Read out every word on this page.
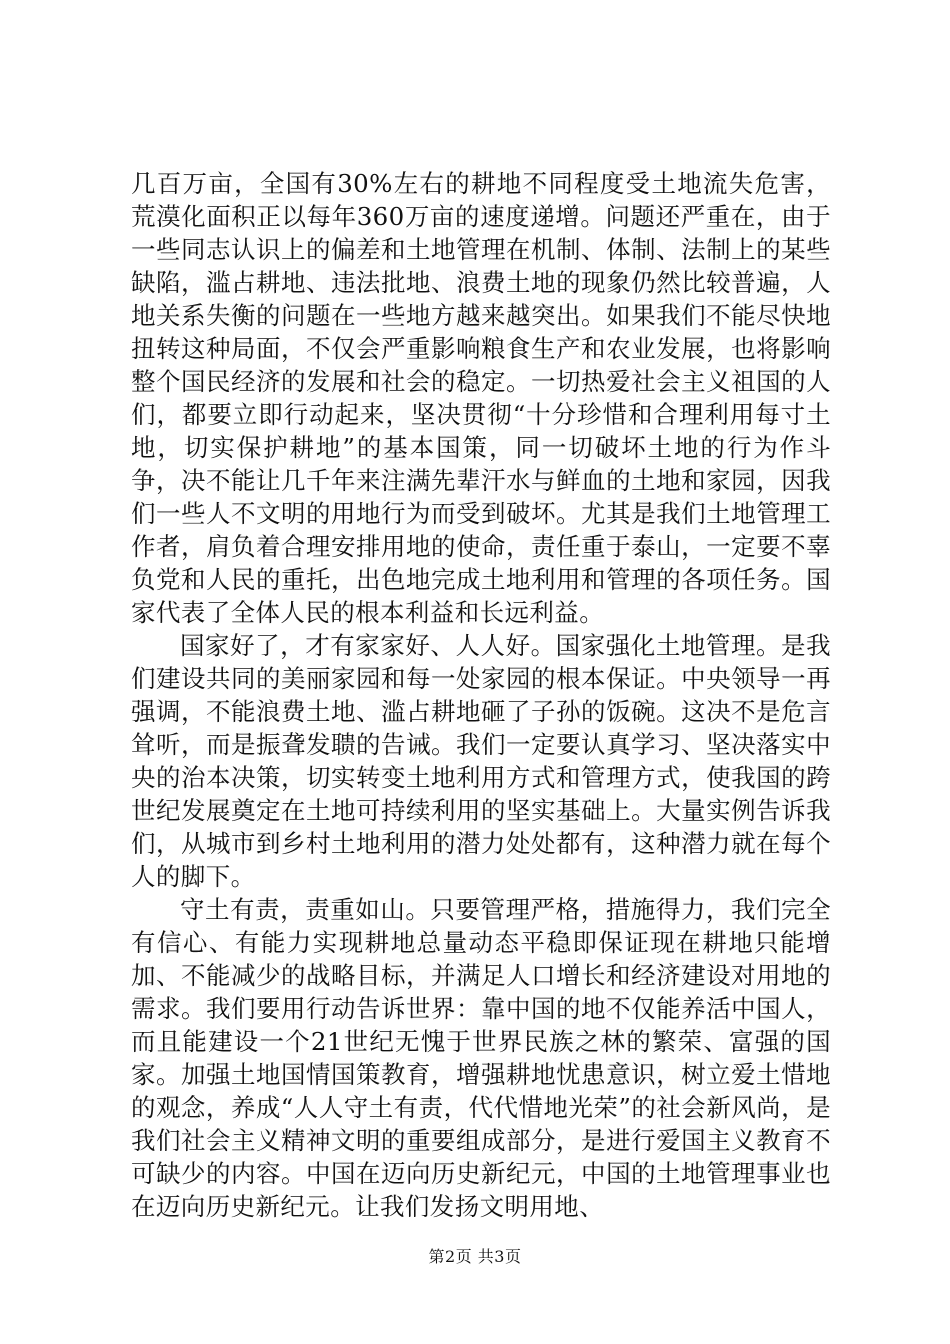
几百万亩，全国有30%左右的耕地不同程度受土地流失危害，荒漠化面积正以每年360万亩的速度递增。问题还严重在，由于一些同志认识上的偏差和土地管理在机制、体制、法制上的某些缺陷，滥占耕地、违法批地、浪费土地的现象仍然比较普遍，人地关系失衡的问题在一些地方越来越突出。如果我们不能尽快地扭转这种局面，不仅会严重影响粮食生产和农业发展，也将影响整个国民经济的发展和社会的稳定。一切热爱社会主义祖国的人们，都要立即行动起来，坚决贯彻“十分珍惜和合理利用每寸土地，切实保护耕地”的基本国策，同一切破坏土地的行为作斗争，决不能让几千年来注满先辈汗水与鲜血的土地和家园，因我们一些人不文明的用地行为而受到破坏。尤其是我们土地管理工作者，肩负着合理安排用地的使命，责任重于泰山，一定要不辜负党和人民的重托，出色地完成土地利用和管理的各项任务。国家代表了全体人民的根本利益和长远利益。

国家好了，才有家家好、人人好。国家强化土地管理。是我们建设共同的美丽家园和每一处家园的根本保证。中央领导一再强调，不能浪费土地、滥占耕地砸了子孙的饭碗。这决不是危言耸听，而是振聋发聩的告诫。我们一定要认真学习、坚决落实中央的治本决策，切实转变土地利用方式和管理方式，使我国的跨世纪发展奠定在土地可持续利用的坚实基础上。大量实例告诉我们，从城市到乡村土地利用的潜力处处都有，这种潜力就在每个人的脚下。

守土有责，责重如山。只要管理严格，措施得力，我们完全有信心、有能力实现耕地总量动态平稳即保证现在耕地只能增加、不能减少的战略目标，并满足人口增长和经济建设对用地的需求。我们要用行动告诉世界：靠中国的地不仅能养活中国人，而且能建设一个21世纪无愧于世界民族之林的繁荣、富强的国家。加强土地国情国策教育，增强耕地忧患意识，树立爱土惜地的观念，养成“人人守土有责，代代惜地光荣”的社会新风尚，是我们社会主义精神文明的重要组成部分，是进行爱国主义教育不可缺少的内容。中国在迈向历史新纪元，中国的土地管理事业也在迈向历史新纪元。让我们发扬文明用地、

第2页 共3页
